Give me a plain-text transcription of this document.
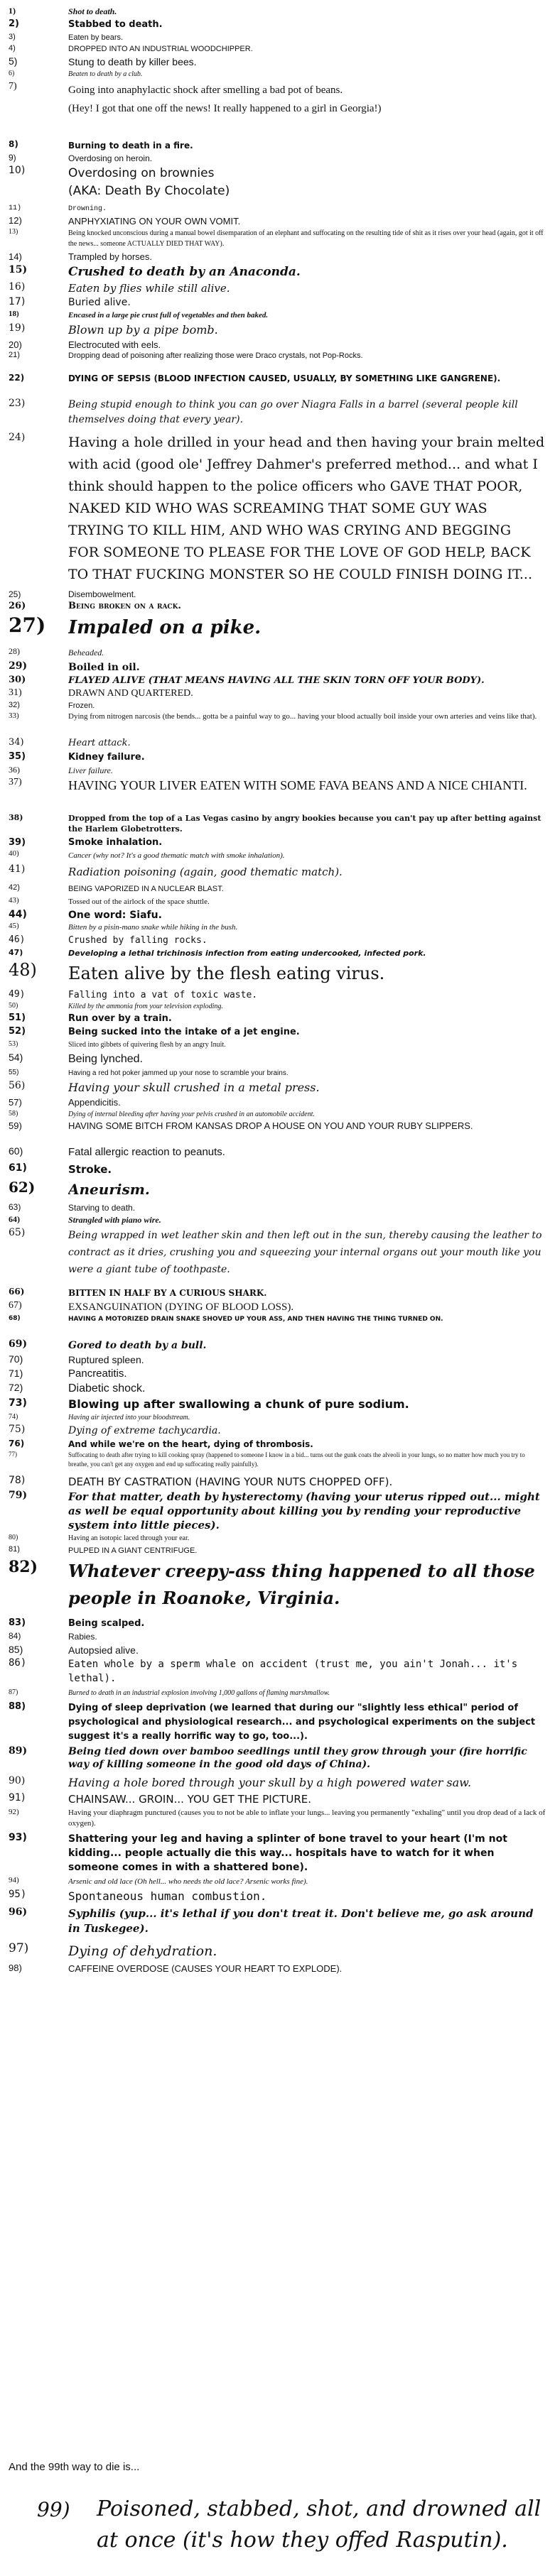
1)	Shot to death.
2)	Stabbed to death.
3)	Eaten by bears.
4)	DROPPED INTO AN INDUSTRIAL WOODCHIPPER.
5)	Stung to death by killer bees.
6)	Beaten to death by a club.
7)	Going into anaphylactic shock after smelling a bad pot of beans.
(Hey! I got that one off the news! It really happened to a girl in Georgia!)
8)	Burning to death in a fire.
9)	Overdosing on heroin.
10)	Overdosing on brownies
(AKA: Death By Chocolate)
11)	Drowning.
12)	ANPHYXIATING ON YOUR OWN VOMIT.
13)	Being knocked unconscious during a manual bowel disemparation of an elephant and suffocating on the resulting tide of shit as it rises over your head (again, got it off the news... someone ACTUALLY DIED THAT WAY).
14)	Trampled by horses.
15)	Crushed to death by an Anaconda.
16)	Eaten by flies while still alive.
17)	Buried alive.
18)	Encased in a large pie crust full of vegetables and then baked.
19)	Blown up by a pipe bomb.
20)	Electrocuted with eels.
21)	Dropping dead of poisoning after realizing those were Draco crystals, not Pop-Rocks.
22)	DYING OF SEPSIS (BLOOD INFECTION CAUSED, USUALLY, BY SOMETHING LIKE GANGRENE).
23)	Being stupid enough to think you can go over Niagra Falls in a barrel (several people kill themselves doing that every year).
24)	Having a hole drilled in your head and then having your brain melted with acid (good ole' Jeffrey Dahmer's preferred method... and what I think should happen to the police officers who GAVE THAT POOR, NAKED KID WHO WAS SCREAMING THAT SOME GUY WAS TRYING TO KILL HIM, AND WHO WAS CRYING AND BEGGING FOR SOMEONE TO PLEASE FOR THE LOVE OF GOD HELP, BACK TO THAT FUCKING MONSTER SO HE COULD FINISH DOING IT...
25)	Disembowelment.
26)	Being broken on a rack.
27) Impaled on a pike.
28)	Beheaded.
29)	Boiled in oil.
30)	FLAYED ALIVE (THAT MEANS HAVING ALL THE SKIN TORN OFF YOUR BODY).
31)	DRAWN AND QUARTERED.
32)	Frozen.
33)	Dying from nitrogen narcosis (the bends... gotta be a painful way to go... having your blood actually boil inside your own arteries and veins like that).
34)	Heart attack.
35)	Kidney failure.
36)	Liver failure.
37)	HAVING YOUR LIVER EATEN WITH SOME FAVA BEANS AND A NICE CHIANTI.
38)	Dropped from the top of a Las Vegas casino by angry bookies because you can't pay up after betting against the Harlem Globetrotters.
39)	Smoke inhalation.
40)	Cancer (why not? It's a good thematic match with smoke inhalation).
41)	Radiation poisoning (again, good thematic match).
42)	BEING VAPORIZED IN A NUCLEAR BLAST.
43)	Tossed out of the airlock of the space shuttle.
44)	One word: Siafu.
45)	Bitten by a pisin-mano snake while hiking in the bush.
46)	Crushed by falling rocks.
47)	Developing a lethal trichinosis infection from eating undercooked, infected pork.
48) Eaten alive by the flesh eating virus.
49)	Falling into a vat of toxic waste.
50)	Killed by the ammonia from your television exploding.
51)	Run over by a train.
52)	Being sucked into the intake of a jet engine.
53)	Sliced into gibbets of quivering flesh by an angry Inuit.
54)	Being lynched.
55)	Having a red hot poker jammed up your nose to scramble your brains.
56)	Having your skull crushed in a metal press.
57)	Appendicitis.
58)	Dying of internal bleeding after having your pelvis crushed in an automobile accident.
59)	HAVING SOME BITCH FROM KANSAS DROP A HOUSE ON YOU AND YOUR RUBY SLIPPERS.
60)	Fatal allergic reaction to peanuts.
61)	Stroke.
62) Aneurism.
63)	Starving to death.
64)	Strangled with piano wire.
65)	Being wrapped in wet leather skin and then left out in the sun, thereby causing the leather to contract as it dries, crushing you and squeezing your internal organs out your mouth like you were a giant tube of toothpaste.
66)	BITTEN IN HALF BY A CURIOUS SHARK.
67)	EXSANGUINATION (DYING OF BLOOD LOSS).
68)	HAVING A MOTORIZED DRAIN SNAKE SHOVED UP YOUR ASS, AND THEN HAVING THE THING TURNED ON.
69)	Gored to death by a bull.
70)	Ruptured spleen.
71)	Pancreatitis.
72)	Diabetic shock.
73)	Blowing up after swallowing a chunk of pure sodium.
74)	Having air injected into your bloodstream.
75)	Dying of extreme tachycardia.
76)	And while we're on the heart, dying of thrombosis.
77)	Suffocating to death after trying to kill cooking spray (happened to someone I know in a bid... turns out the gunk coats the alveoli in your lungs, so no matter how much you try to breathe, you can't get any oxygen and end up suffocating really painfully).
78)	DEATH BY CASTRATION (HAVING YOUR NUTS CHOPPED OFF).
79)	For that matter, death by hysterectomy (having your uterus ripped out... might as well be equal opportunity about killing you by rending your reproductive system into little pieces).
80)	Having an isotopic laced through your ear.
81)	PULPED IN A GIANT CENTRIFUGE.
82) Whatever creepy-ass thing happened to all those people in Roanoke, Virginia.
83)	Being scalped.
84)	Rabies.
85)	Autopsied alive.
86)	Eaten whole by a sperm whale on accident (trust me, you ain't Jonah... it's lethal).
87)	Burned to death in an industrial explosion involving 1,000 gallons of flaming marshmallow.
88)	Dying of sleep deprivation (we learned that during our "slightly less ethical" period of psychological and physiological research... and psychological experiments on the subject suggest it's a really horrific way to go, too...).
89)	Being tied down over bamboo seedlings until they grow through your (fire horrific way of killing someone in the good old days of China).
90)	Having a hole bored through your skull by a high powered water saw.
91)	CHAINSAW... GROIN... YOU GET THE PICTURE.
92)	Having your diaphragm punctured (causes you to not be able to inflate your lungs... leaving you permanently "exhaling" until you drop dead of a lack of oxygen).
93)	Shattering your leg and having a splinter of bone travel to your heart (I'm not kidding... people actually die this way... hospitals have to watch for it when someone comes in with a shattered bone).
94)	Arsenic and old lace (Oh hell... who needs the old lace? Arsenic works fine).
95)	Spontaneous human combustion.
96)	Syphilis (yup... it's lethal if you don't treat it. Don't believe me, go ask around in Tuskegee).
97)	Dying of dehydration.
98)	CAFFEINE OVERDOSE (CAUSES YOUR HEART TO EXPLODE).
And the 99th way to die is...
99) Poisoned, stabbed, shot, and drowned all at once (it's how they offed Rasputin).
